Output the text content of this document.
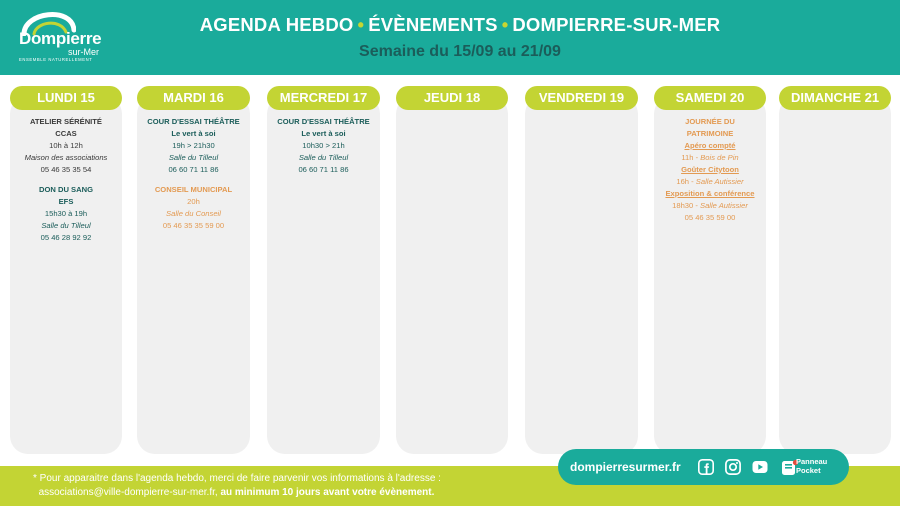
Dompierre
sur-Mer
ENSEMBLE NATURELLEMENT
AGENDA HEBDO • ÉVÈNEMENTS • DOMPIERRE-SUR-MER
Semaine du 15/09 au 21/09
LUNDI 15
ATELIER SÉRÉNITÉ
CCAS
10h à 12h
Maison des associations
05 46 35 35 54
DON DU SANG
EFS
15h30 à 19h
Salle du Tilleul
05 46 28 92 92
MARDI 16
COUR D'ESSAI THÉÂTRE
Le vert à soi
19h > 21h30
Salle du Tilleul
06 60 71 11 86
CONSEIL MUNICIPAL
20h
Salle du Conseil
05 46 35 35 59 00
MERCREDI 17
COUR D'ESSAI THÉÂTRE
Le vert à soi
10h30 > 21h
Salle du Tilleul
06 60 71 11 86
JEUDI 18	VENDREDI 19	SAMEDI 20
JOURNÉE DU
PATRIMOINE
Apéro compté
11h - Bois de Pin
Goûter Citytoon
16h - Salle Autissier
Exposition & conférence
18h30 - Salle Autissier
05 46 35 59 00
DIMANCHE 21
* Pour apparaitre dans l'agenda hebdo, merci de faire parvenir vos informations à l'adresse :
associations@ville-dompierre-sur-mer.fr, au minimum 10 jours avant votre évènement.
dompierresurmer.fr	Panneau
Pocket
